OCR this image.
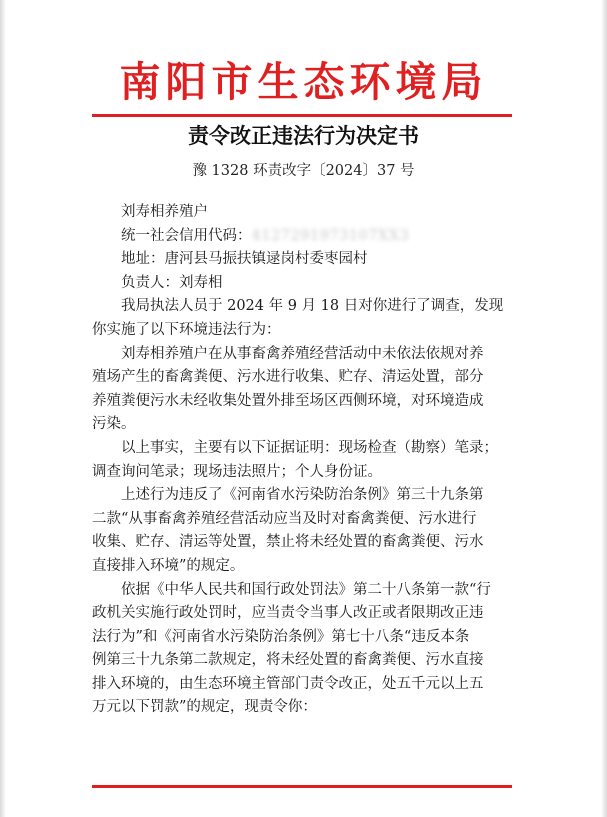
南阳市生态环境局
责令改正违法行为决定书
豫 1328 环责改字〔2024〕37 号
刘寿相养殖户
统一社会信用代码：4127291973107XX3
地址：唐河县马振扶镇逯岗村委枣园村
负责人：刘寿相
我局执法人员于 2024 年 9 月 18 日对你进行了调查，发现
你实施了以下环境违法行为：
刘寿相养殖户在从事畜禽养殖经营活动中未依法依规对养
殖场产生的畜禽粪便、污水进行收集、贮存、清运处置，部分
养殖粪便污水未经收集处置外排至场区西侧环境，对环境造成
污染。
以上事实，主要有以下证据证明：现场检查（勘察）笔录；
调查询问笔录；现场违法照片；个人身份证。
上述行为违反了《河南省水污染防治条例》第三十九条第
二款“从事畜禽养殖经营活动应当及时对畜禽粪便、污水进行
收集、贮存、清运等处置，禁止将未经处置的畜禽粪便、污水
直接排入环境”的规定。
依据《中华人民共和国行政处罚法》第二十八条第一款“行
政机关实施行政处罚时，应当责令当事人改正或者限期改正违
法行为”和《河南省水污染防治条例》第七十八条“违反本条
例第三十九条第二款规定，将未经处置的畜禽粪便、污水直接
排入环境的，由生态环境主管部门责令改正，处五千元以上五
万元以下罚款”的规定，现责令你：
